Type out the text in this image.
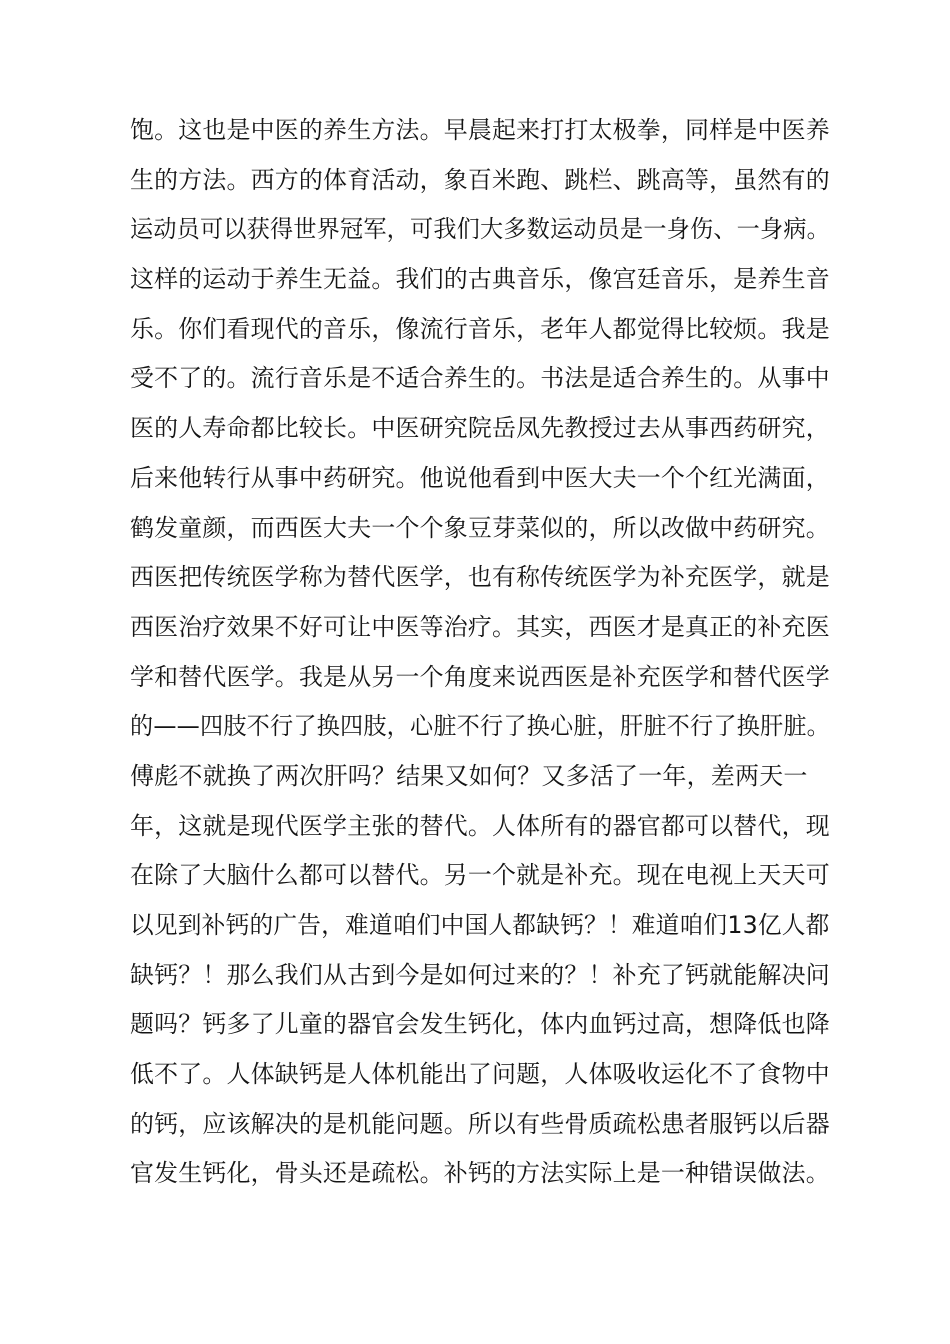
饱。这也是中医的养生方法。早晨起来打打太极拳，同样是中医养
生的方法。西方的体育活动，象百米跑、跳栏、跳高等，虽然有的
运动员可以获得世界冠军，可我们大多数运动员是一身伤、一身病。
这样的运动于养生无益。我们的古典音乐，像宫廷音乐，是养生音
乐。你们看现代的音乐，像流行音乐，老年人都觉得比较烦。我是
受不了的。流行音乐是不适合养生的。书法是适合养生的。从事中
医的人寿命都比较长。中医研究院岳凤先教授过去从事西药研究，
后来他转行从事中药研究。他说他看到中医大夫一个个红光满面，
鹤发童颜，而西医大夫一个个象豆芽菜似的，所以改做中药研究。
西医把传统医学称为替代医学，也有称传统医学为补充医学，就是
西医治疗效果不好可让中医等治疗。其实，西医才是真正的补充医
学和替代医学。我是从另一个角度来说西医是补充医学和替代医学
的——四肢不行了换四肢，心脏不行了换心脏，肝脏不行了换肝脏。
傅彪不就换了两次肝吗？结果又如何？又多活了一年，差两天一
年，这就是现代医学主张的替代。人体所有的器官都可以替代，现
在除了大脑什么都可以替代。另一个就是补充。现在电视上天天可
以见到补钙的广告，难道咱们中国人都缺钙？！难道咱们13亿人都
缺钙？！那么我们从古到今是如何过来的？！补充了钙就能解决问
题吗？钙多了儿童的器官会发生钙化，体内血钙过高，想降低也降
低不了。人体缺钙是人体机能出了问题，人体吸收运化不了食物中
的钙，应该解决的是机能问题。所以有些骨质疏松患者服钙以后器
官发生钙化，骨头还是疏松。补钙的方法实际上是一种错误做法。
